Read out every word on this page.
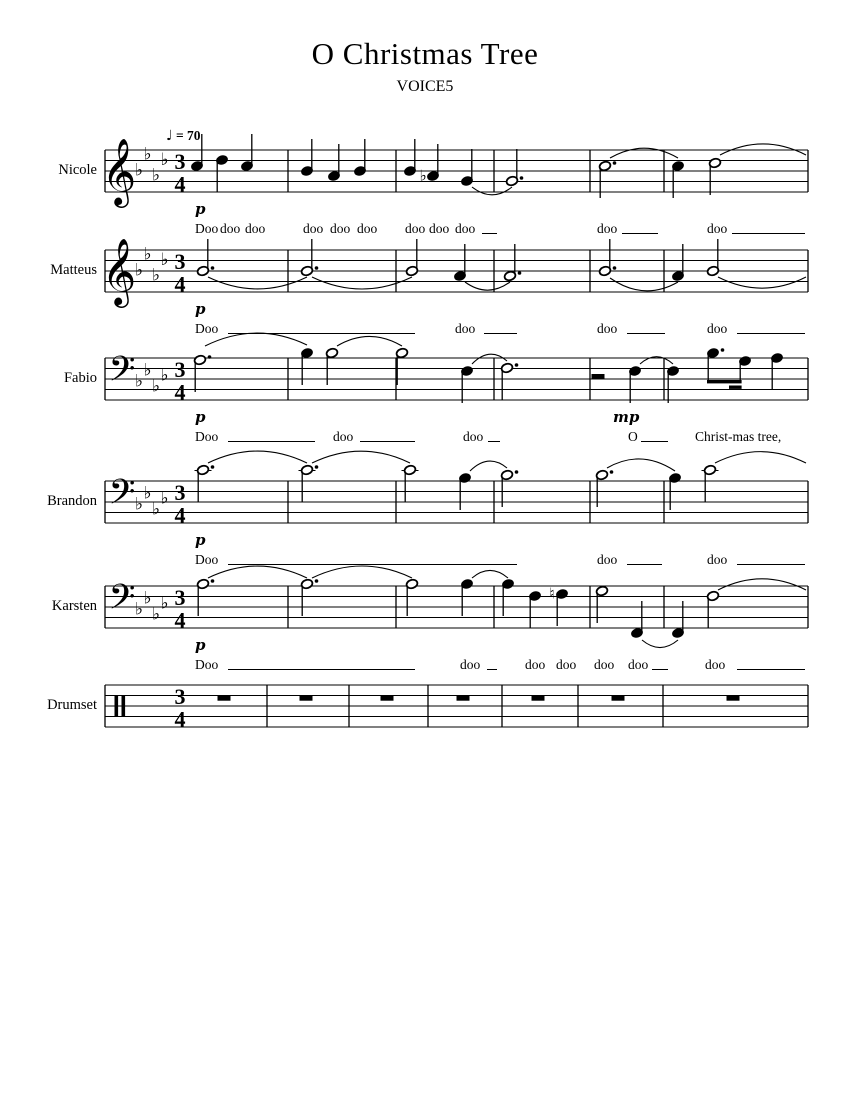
O Christmas Tree
VOICE5
♩ = 70
Nicole 𝄞
♭
♭
♭
♭ 3
4	♭
p
Doo doo doo	doo doo doo doo doo doo	doo	doo
Matteus 𝄞
♭
♭
♭
♭ 3
4
p
Doo	doo	doo	doo
Fabio 𝄢 ♭
♭
♭
♭ 3
4
p	mp
Doo	doo	doo	O	Christ-mas tree,
Brandon 𝄢 ♭
♭
♭
♭ 3
4
p
Doo	doo	doo
Karsten 𝄢 ♭
♭
♭
♭ 3
4
♮
p
Doo	doo	doo doo doo doo	doo
Drumset	3
4
